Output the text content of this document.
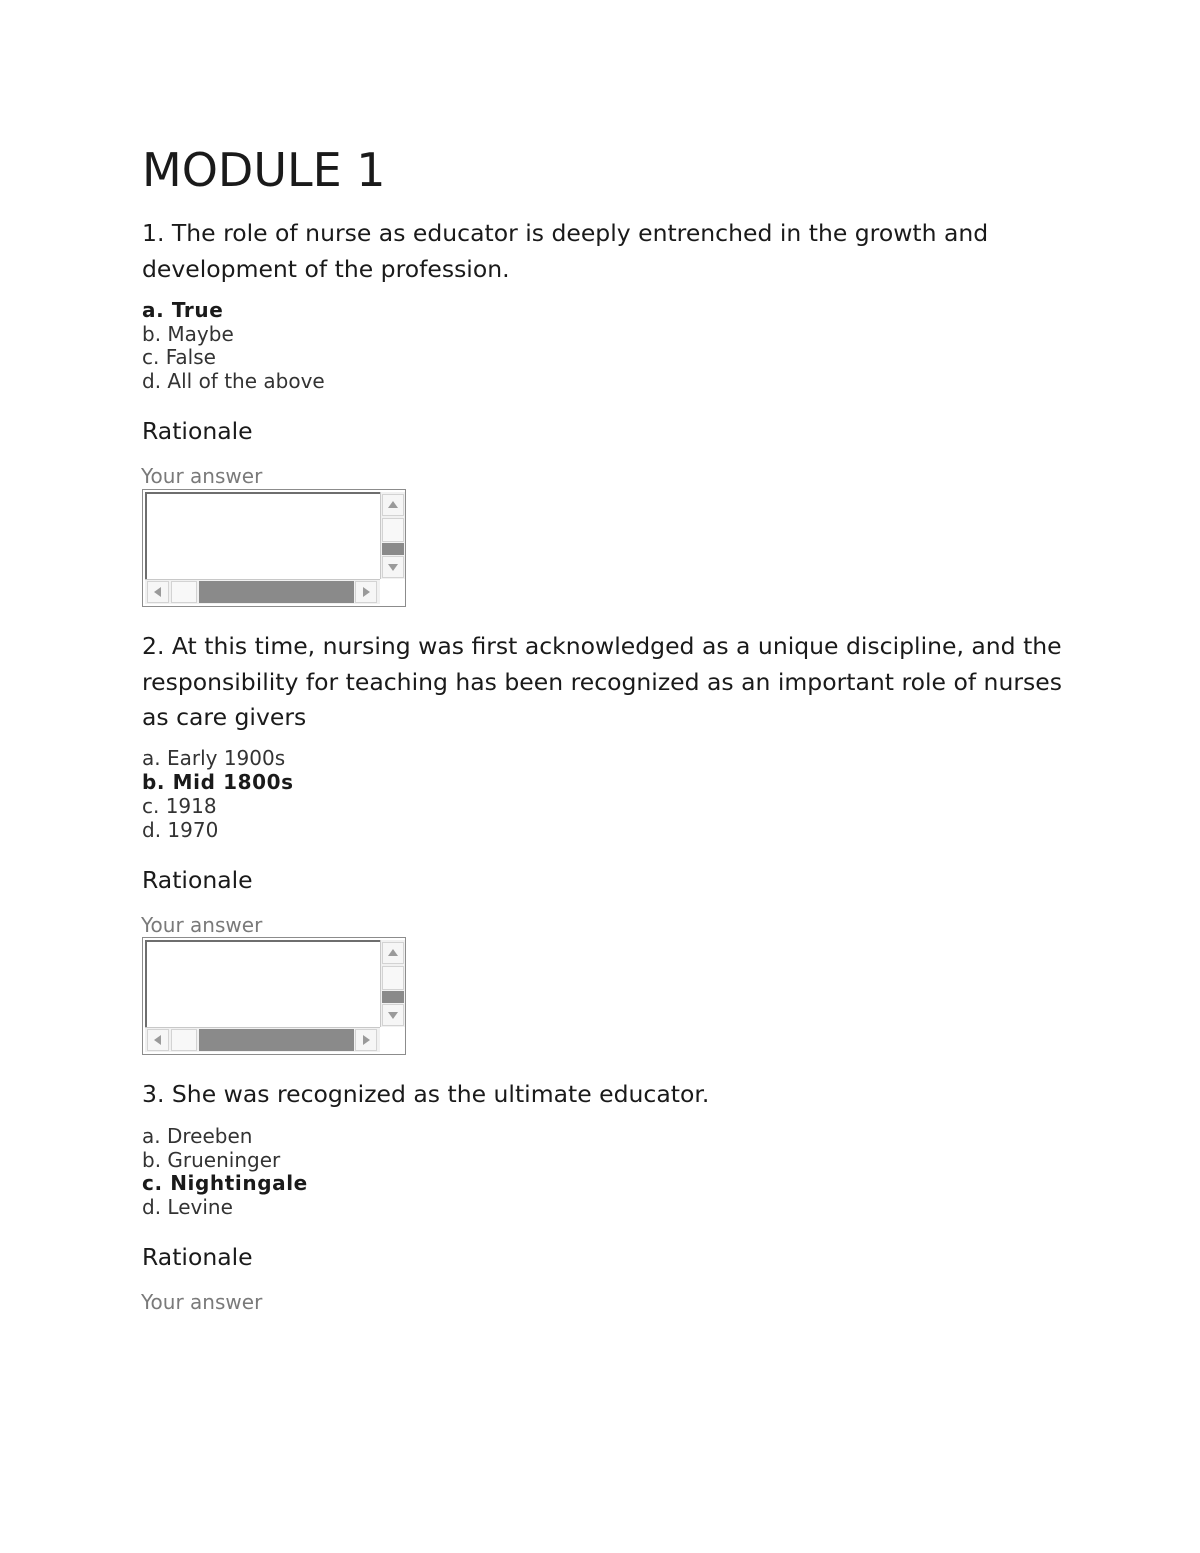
MODULE 1
1. The role of nurse as educator is deeply entrenched in the growth and development of the profession.
a. True
b. Maybe
c. False
d. All of the above
Rationale
Your answer
2. At this time, nursing was first acknowledged as a unique discipline, and the responsibility for teaching has been recognized as an important role of nurses as care givers
a. Early 1900s
b. Mid 1800s
c. 1918
d. 1970
Rationale
Your answer
3. She was recognized as the ultimate educator.
a. Dreeben
b. Grueninger
c. Nightingale
d. Levine
Rationale
Your answer
